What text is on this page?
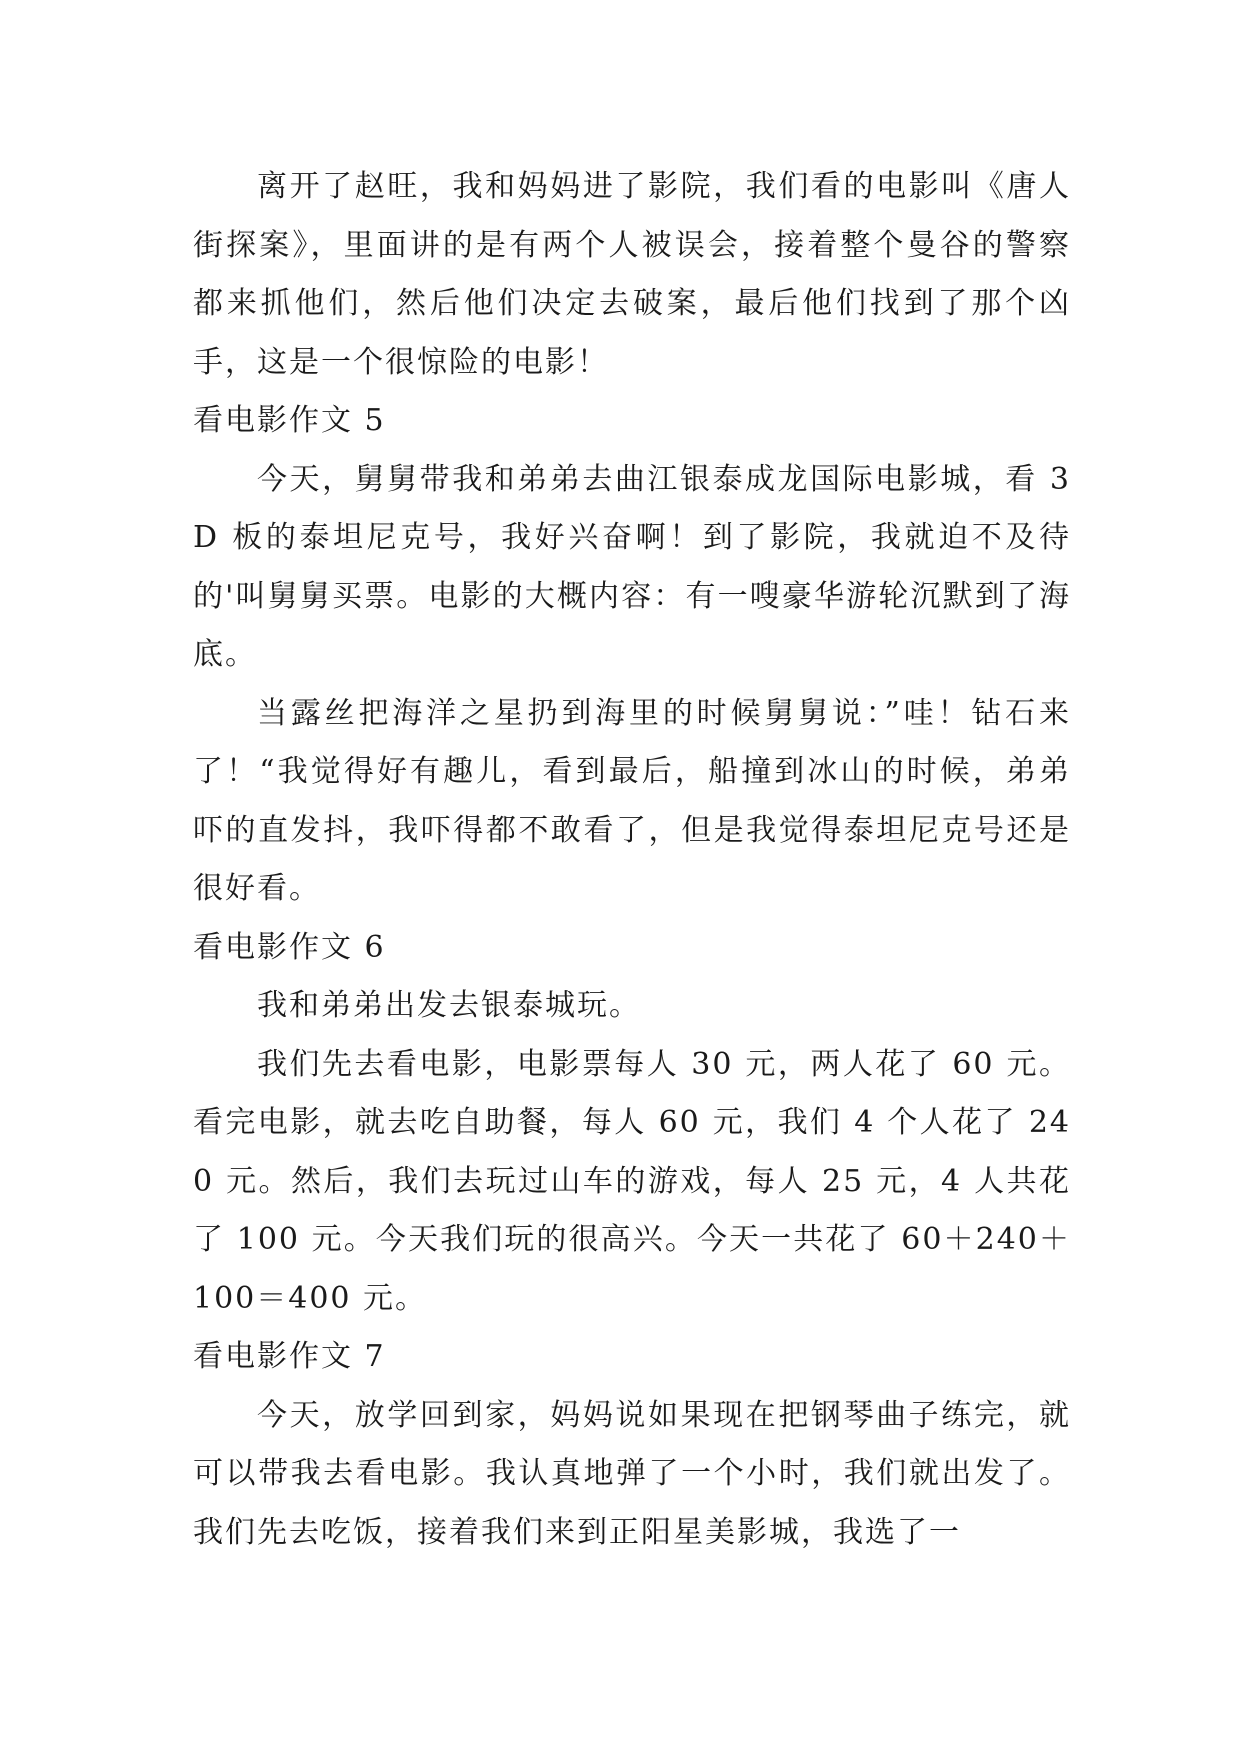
离开了赵旺，我和妈妈进了影院，我们看的电影叫《唐人街探案》，里面讲的是有两个人被误会，接着整个曼谷的警察都来抓他们，然后他们决定去破案，最后他们找到了那个凶手，这是一个很惊险的电影！

看电影作文 5

今天，舅舅带我和弟弟去曲江银泰成龙国际电影城，看 3D 板的泰坦尼克号，我好兴奋啊！到了影院，我就迫不及待的'叫舅舅买票。电影的大概内容：有一嗖豪华游轮沉默到了海底。

当露丝把海洋之星扔到海里的时候舅舅说：”哇！钻石来了！“我觉得好有趣儿，看到最后，船撞到冰山的时候，弟弟吓的直发抖，我吓得都不敢看了，但是我觉得泰坦尼克号还是很好看。

看电影作文 6

我和弟弟出发去银泰城玩。

我们先去看电影，电影票每人 30 元，两人花了 60 元。看完电影，就去吃自助餐，每人 60 元，我们 4 个人花了 240 元。然后，我们去玩过山车的游戏，每人 25 元，4 人共花了 100 元。今天我们玩的很高兴。今天一共花了 60＋240＋100＝400 元。

看电影作文 7

今天，放学回到家，妈妈说如果现在把钢琴曲子练完，就可以带我去看电影。我认真地弹了一个小时，我们就出发了。我们先去吃饭，接着我们来到正阳星美影城，我选了一
